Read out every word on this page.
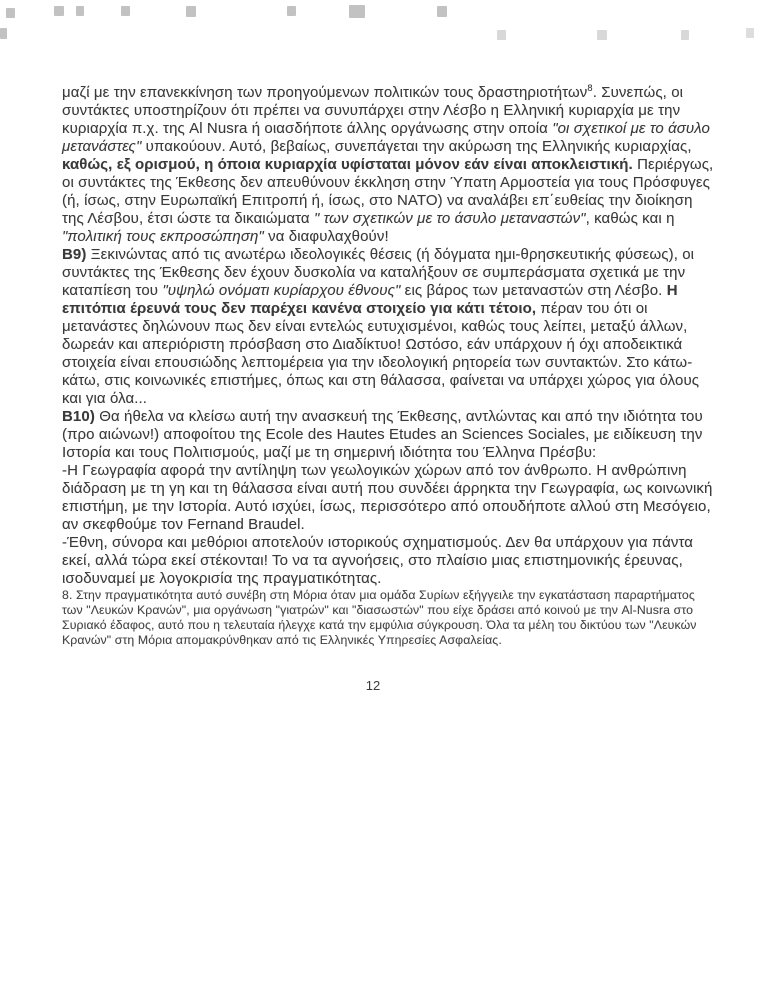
μαζί με την επανεκκίνηση των προηγούμενων πολιτικών τους δραστηριοτήτων$^8$. Συνεπώς, οι συντάκτες υποστηρίζουν ότι πρέπει να συνυπάρχει στην Λέσβο η Ελληνική κυριαρχία με την κυριαρχία π.χ. της Al Nusra ή οιασδήποτε άλλης οργάνωσης στην οποία "οι σχετικοί με το άσυλο μετανάστες" υπακούουν. Αυτό, βεβαίως, συνεπάγεται την ακύρωση της Ελληνικής κυριαρχίας, καθώς, εξ ορισμού, η όποια κυριαρχία υφίσταται μόνον εάν είναι αποκλειστική. Περιέργως, οι συντάκτες της Έκθεσης δεν απευθύνουν έκκληση στην Ύπατη Αρμοστεία για τους Πρόσφυγες (ή, ίσως, στην Ευρωπαϊκή Επιτροπή ή, ίσως, στο NATO) να αναλάβει επ΄ευθείας την διοίκηση της Λέσβου, έτσι ώστε τα δικαιώματα " των σχετικών με το άσυλο μεταναστών", καθώς και η "πολιτική τους εκπροσώπηση" να διαφυλαχθούν!

Β9) Ξεκινώντας από τις ανωτέρω ιδεολογικές θέσεις (ή δόγματα ημι-θρησκευτικής φύσεως), οι συντάκτες της Έκθεσης δεν έχουν δυσκολία να καταλήξουν σε συμπεράσματα σχετικά με την καταπίεση του "υψηλώ ονόματι κυρίαρχου έθνους" εις βάρος των μεταναστών στη Λέσβο. Η επιτόπια έρευνά τους δεν παρέχει κανένα στοιχείο για κάτι τέτοιο, πέραν του ότι οι μετανάστες δηλώνουν πως δεν είναι εντελώς ευτυχισμένοι, καθώς τους λείπει, μεταξύ άλλων, δωρεάν και απεριόριστη πρόσβαση στο Διαδίκτυο! Ωστόσο, εάν υπάρχουν ή όχι αποδεικτικά στοιχεία είναι επουσιώδης λεπτομέρεια για την ιδεολογική ρητορεία των συντακτών. Στο κάτω-κάτω, στις κοινωνικές επιστήμες, όπως και στη θάλασσα, φαίνεται να υπάρχει χώρος για όλους και για όλα...

Β10) Θα ήθελα να κλείσω αυτή την ανασκευή της Έκθεσης, αντλώντας και από την ιδιότητα του (προ αιώνων!) αποφοίτου της Ecole des Hautes Etudes an Sciences Sociales, με ειδίκευση την Ιστορία και τους Πολιτισμούς, μαζί με τη σημερινή ιδιότητα του Έλληνα Πρέσβυ:

-Η Γεωγραφία αφορά την αντίληψη των γεωλογικών χώρων από τον άνθρωπο. Η ανθρώπινη διάδραση με τη γη και τη θάλασσα είναι αυτή που συνδέει άρρηκτα την Γεωγραφία, ως κοινωνική επιστήμη, με την Ιστορία. Αυτό ισχύει, ίσως, περισσότερο από οπουδήποτε αλλού στη Μεσόγειο, αν σκεφθούμε τον Fernand Braudel.

-Έθνη, σύνορα και μεθόριοι αποτελούν ιστορικούς σχηματισμούς. Δεν θα υπάρχουν για πάντα εκεί, αλλά τώρα εκεί στέκονται! Το να τα αγνοήσεις, στο πλαίσιο μιας επιστημονικής έρευνας, ισοδυναμεί με λογοκρισία της πραγματικότητας.

8. Στην πραγματικότητα αυτό συνέβη στη Μόρια όταν μια ομάδα Συρίων εξήγγειλε την εγκατάσταση παραρτήματος των "Λευκών Κρανών", μια οργάνωση "γιατρών" και "διασωστών" που είχε δράσει από κοινού με την Al-Nusra στο Συριακό έδαφος, αυτό που η τελευταία ήλεγχε κατά την εμφύλια σύγκρουση. Όλα τα μέλη του δικτύου των "Λευκών Κρανών" στη Μόρια απομακρύνθηκαν από τις Ελληνικές Υπηρεσίες Ασφαλείας.

12
